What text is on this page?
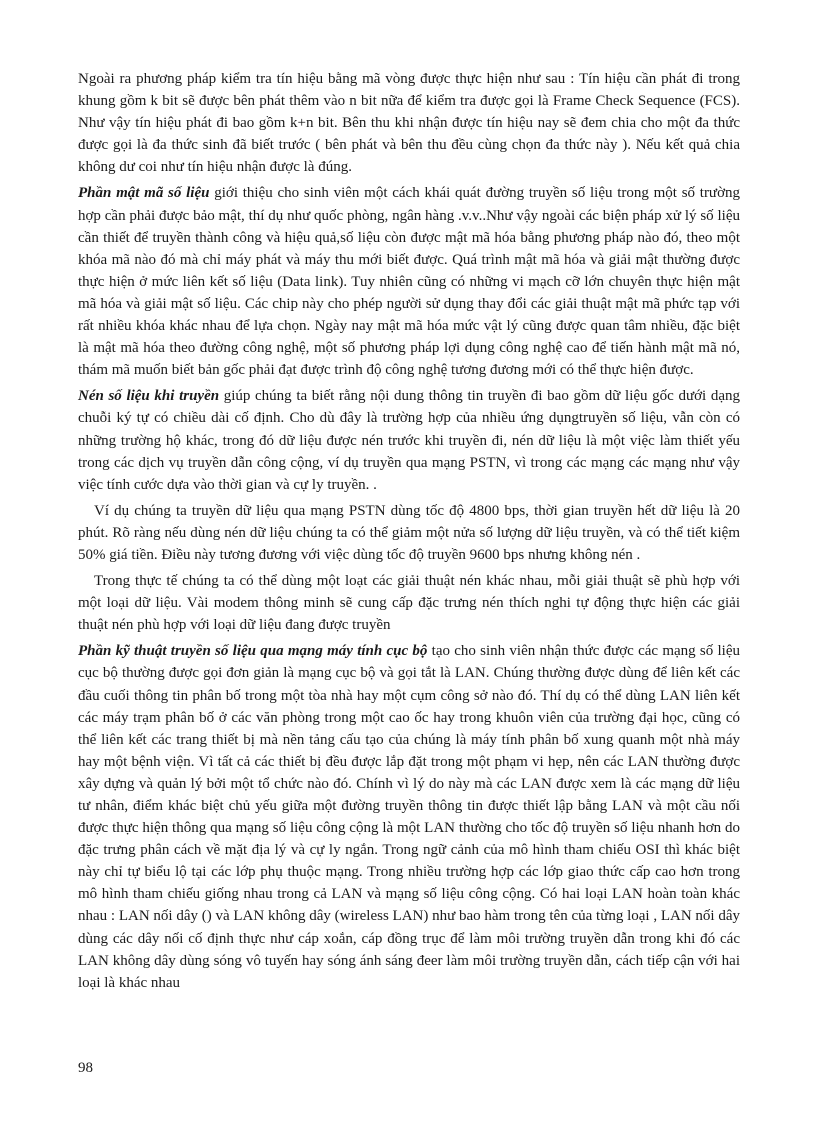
Ngoài ra phương pháp kiểm tra tín hiệu bằng mã vòng được thực hiện như sau : Tín hiệu cần phát đi trong khung gồm k bit sẽ được bên phát thêm vào n bit nữa để kiểm tra được gọi là Frame Check Sequence (FCS). Như vậy tín hiệu phát đi bao gồm k+n bit. Bên thu khi nhận được tín hiệu nay sẽ đem chia cho một đa thức được gọi là đa thức sinh đã biết trước ( bên phát và bên thu đều cùng chọn đa thức này ). Nếu kết quả chia không dư coi như tín hiệu nhận được là đúng.

Phần mật mã số liệu giới thiệu cho sinh viên một cách khái quát đường truyền số liệu trong một số trường hợp cần phải được bảo mật, thí dụ như quốc phòng, ngân hàng .v.v..Như vậy ngoài các biện pháp xử lý số liệu cần thiết để truyền thành công và hiệu quả,số liệu còn được mật mã hóa bằng phương pháp nào đó, theo một khóa mã nào đó mà chỉ máy phát và máy thu mới biết được. Quá trình mật mã hóa và giải mật thường được thực hiện ở mức liên kết số liệu (Data link). Tuy nhiên cũng có những vi mạch cỡ lớn chuyên thực hiện mật mã hóa và giải mật số liệu. Các chip này cho phép người sử dụng thay đổi các giải thuật mật mã phức tạp với rất nhiều khóa khác nhau để lựa chọn. Ngày nay mật mã hóa mức vật lý cũng được quan tâm nhiều, đặc biệt là mật mã hóa theo đường công nghệ, một số phương pháp lợi dụng công nghệ cao để tiến hành mật mã nó, thám mã muốn biết bản gốc phải đạt được trình độ công nghệ tương đương mới có thể thực hiện được.

Nén số liệu khi truyền giúp chúng ta biết rằng nội dung thông tin truyền đi bao gồm dữ liệu gốc dưới dạng chuỗi ký tự có chiều dài cố định. Cho dù đây là trường hợp của nhiều ứng dụngtruyền số liệu, vẫn còn có những trường hộ khác, trong đó dữ liệu được nén trước khi truyền đi, nén dữ liệu là một việc làm thiết yếu trong các dịch vụ truyền dẫn công cộng, ví dụ truyền qua mạng PSTN, vì trong các mạng các mạng như vậy việc tính cước dựa vào thời gian và cự ly truyền. .

Ví dụ chúng ta truyền dữ liệu qua mạng PSTN dùng tốc độ 4800 bps, thời gian truyền hết dữ liệu là 20 phút. Rõ ràng nếu dùng nén dữ liệu chúng ta có thể giảm một nửa số lượng dữ liệu truyền, và có thể tiết kiệm 50% giá tiền. Điều này tương đương với việc dùng tốc độ truyền 9600 bps nhưng không nén .

Trong thực tế chúng ta có thể dùng một loạt các giải thuật nén khác nhau, mỗi giải thuật sẽ phù hợp với một loại dữ liệu. Vài modem thông minh sẽ cung cấp đặc trưng nén thích nghi tự động thực hiện các giải thuật nén phù hợp với loại dữ liệu đang được truyền

Phần kỹ thuật truyền số liệu qua mạng máy tính cục bộ tạo cho sinh viên nhận thức được các mạng số liệu cục bộ thường được gọi đơn giản là mạng cục bộ và gọi tắt là LAN. Chúng thường được dùng để liên kết các đầu cuối thông tin phân bố trong một tòa nhà hay một cụm công sở nào đó. Thí dụ có thể dùng LAN liên kết các máy trạm phân bố ở các văn phòng trong một cao ốc hay trong khuôn viên của trường đại học, cũng có thể liên kết các trang thiết bị mà nền tảng cấu tạo của chúng là máy tính phân bố xung quanh một nhà máy hay một bệnh viện. Vì tất cả các thiết bị đều được lắp đặt trong một phạm vi hẹp, nên các LAN thường được xây dựng và quản lý bởi một tổ chức nào đó. Chính vì lý do này mà các LAN được xem là các mạng dữ liệu tư nhân, điểm khác biệt chủ yếu giữa một đường truyền thông tin được thiết lập bằng LAN và một cầu nối được thực hiện thông qua mạng số liệu công cộng là một LAN thường cho tốc độ truyền số liệu nhanh hơn do đặc trưng phân cách về mặt địa lý và cự ly ngắn. Trong ngữ cảnh của mô hình tham chiếu OSI thì khác biệt này chỉ tự biểu lộ tại các lớp phụ thuộc mạng. Trong nhiều trường hợp các lớp giao thức cấp cao hơn trong mô hình tham chiếu giống nhau trong cả LAN và mạng số liệu công cộng. Có hai loại LAN hoàn toàn khác nhau : LAN nối dây () và LAN không dây (wireless LAN) như bao hàm trong tên của từng loại , LAN nối dây dùng các dây nối cố định thực như cáp xoắn, cáp đồng trục để làm môi trường truyền dẫn trong khi đó các LAN không dây dùng sóng vô tuyến hay sóng ánh sáng đeer làm môi trường truyền dẫn, cách tiếp cận với hai loại là khác nhau

98
